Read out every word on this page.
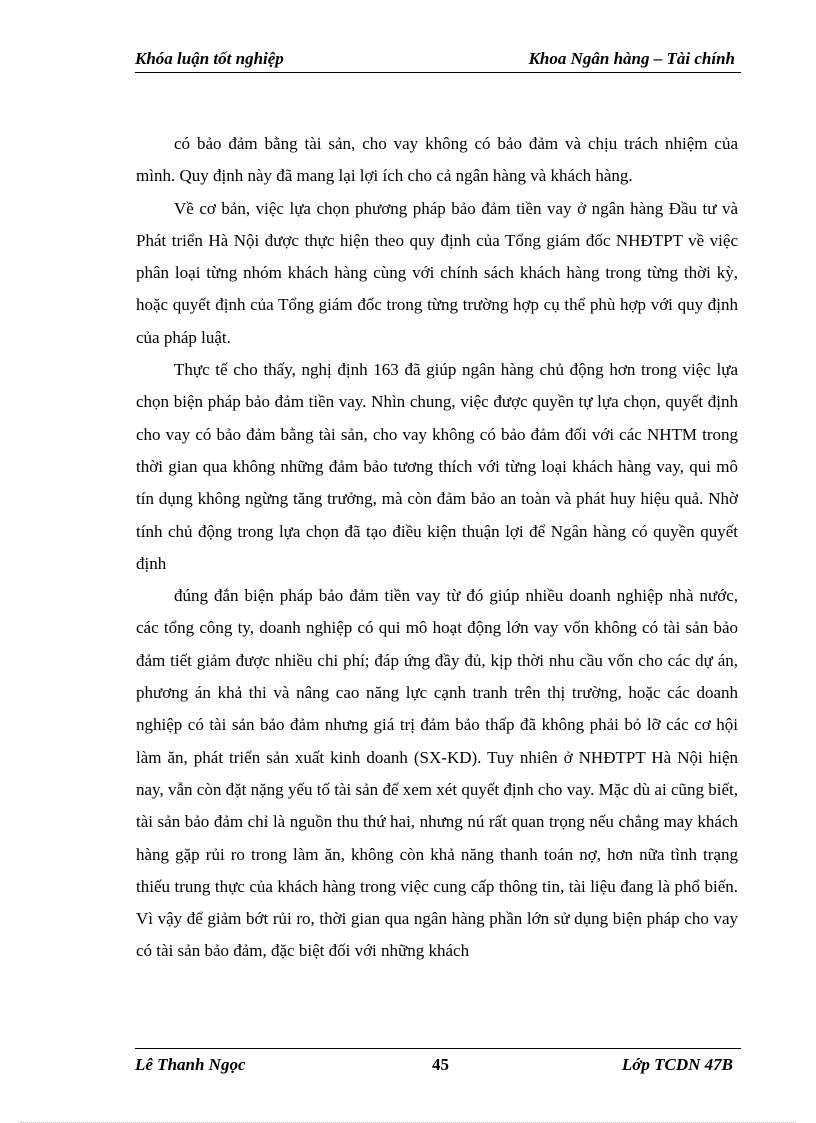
Khóa luận tốt nghiệp	Khoa Ngân hàng – Tài chính

có bảo đảm bằng tài sản, cho vay không có bảo đảm và chịu trách nhiệm của mình. Quy định này đã mang lại lợi ích cho cả ngân hàng và khách hàng.

Về cơ bản, việc lựa chọn phương pháp bảo đảm tiền vay ở ngân hàng Đầu tư và Phát triển Hà Nội được thực hiện theo quy định của Tổng giám đốc NHĐTPT về việc phân loại từng nhóm khách hàng cùng với chính sách khách hàng trong từng thời kỳ, hoặc quyết định của Tổng giám đốc trong từng trường hợp cụ thể phù hợp với quy định của pháp luật.

Thực tế cho thấy, nghị định 163 đã giúp ngân hàng chủ động hơn trong việc lựa chọn biện pháp bảo đảm tiền vay. Nhìn chung, việc được quyền tự lựa chọn, quyết định cho vay có bảo đảm bằng tài sản, cho vay không có bảo đảm đối với các NHTM trong thời gian qua không những đảm bảo tương thích với từng loại khách hàng vay, qui mô tín dụng không ngừng tăng trưởng, mà còn đảm bảo an toàn và phát huy hiệu quả. Nhờ tính chủ động trong lựa chọn đã tạo điều kiện thuận lợi để Ngân hàng có quyền quyết định

đúng đắn biện pháp bảo đảm tiền vay từ đó giúp nhiều doanh nghiệp nhà nước, các tổng công ty, doanh nghiệp có qui mô hoạt động lớn vay vốn không có tài sản bảo đảm tiết giảm được nhiều chi phí; đáp ứng đầy đủ, kịp thời nhu cầu vốn cho các dự án, phương án khả thi và nâng cao năng lực cạnh tranh trên thị trường, hoặc các doanh nghiệp có tài sản bảo đảm nhưng giá trị đảm bảo thấp đã không phải bỏ lỡ các cơ hội làm ăn, phát triển sản xuất kinh doanh (SX-KD). Tuy nhiên ở NHĐTPT Hà Nội hiện nay, vẫn còn đặt nặng yếu tố tài sản để xem xét quyết định cho vay. Mặc dù ai cũng biết, tài sản bảo đảm chỉ là nguồn thu thứ hai, nhưng nú rất quan trọng nếu chẳng may khách hàng gặp rủi ro trong làm ăn, không còn khả năng thanh toán nợ, hơn nữa tình trạng thiếu trung thực của khách hàng trong việc cung cấp thông tin, tài liệu đang là phổ biến. Vì vậy để giảm bớt rủi ro, thời gian qua ngân hàng phần lớn sử dụng biện pháp cho vay có tài sản bảo đảm, đặc biệt đối với những khách

Lê Thanh Ngọc	45	Lớp TCDN 47B
